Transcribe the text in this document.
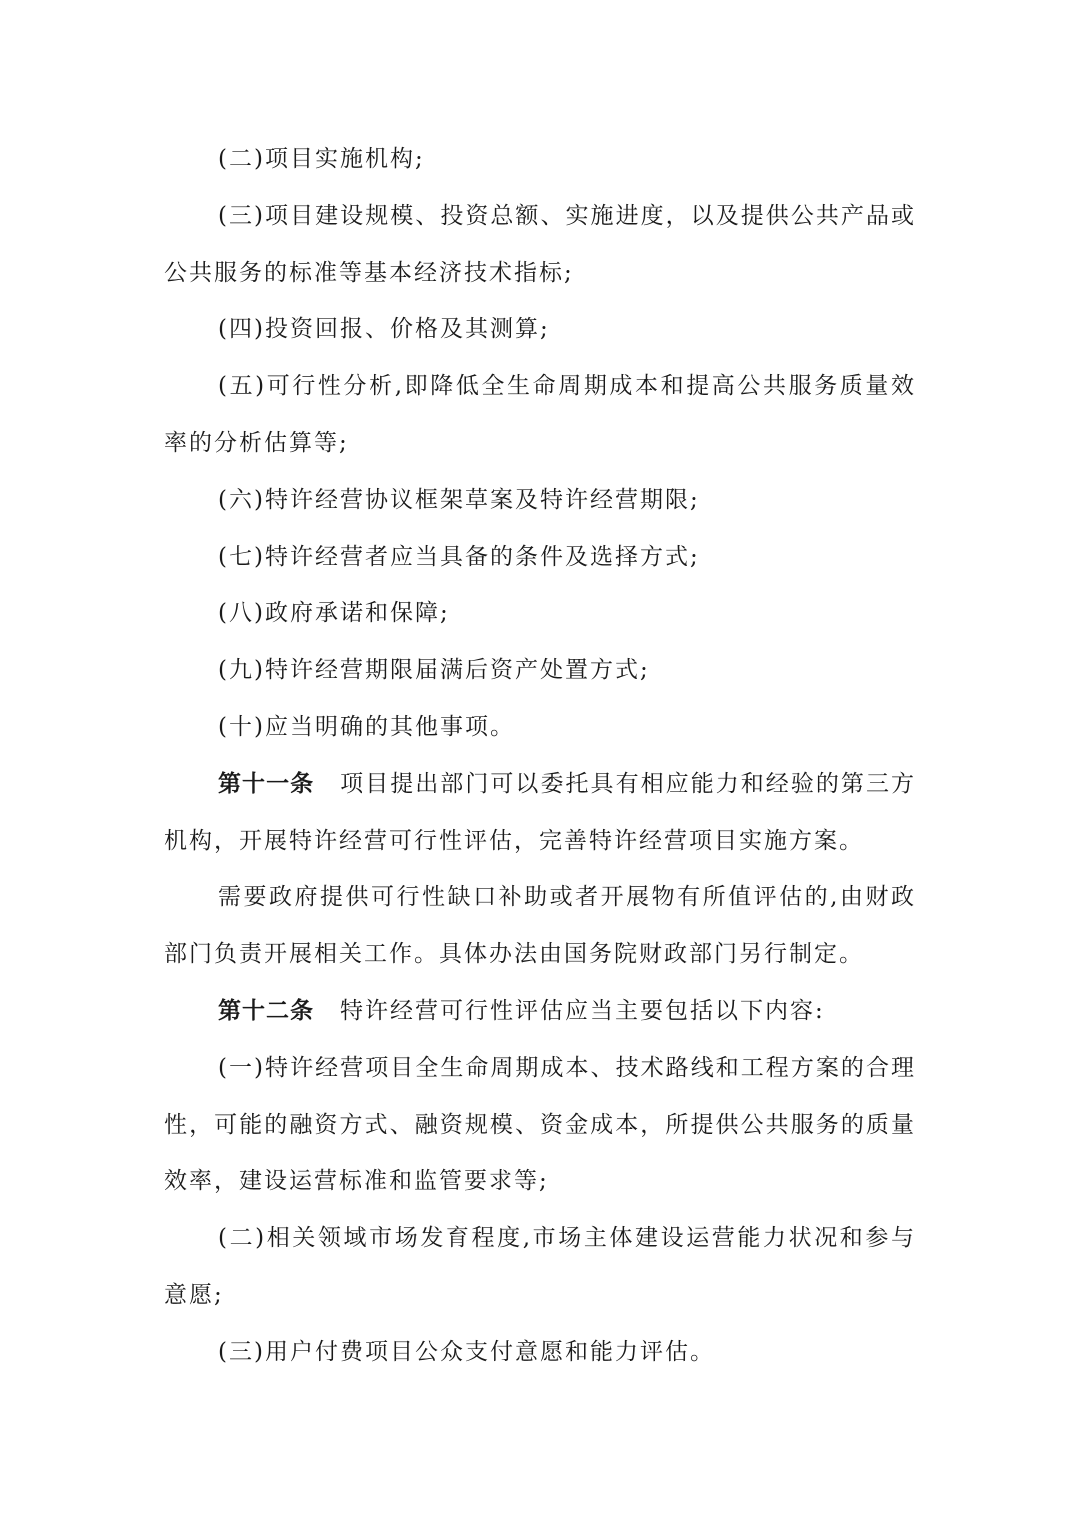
(二)项目实施机构;

(三)项目建设规模、投资总额、实施进度，以及提供公共产品或公共服务的标准等基本经济技术指标;

(四)投资回报、价格及其测算;

(五)可行性分析,即降低全生命周期成本和提高公共服务质量效率的分析估算等;

(六)特许经营协议框架草案及特许经营期限;

(七)特许经营者应当具备的条件及选择方式;

(八)政府承诺和保障;

(九)特许经营期限届满后资产处置方式;

(十)应当明确的其他事项。

第十一条 项目提出部门可以委托具有相应能力和经验的第三方机构，开展特许经营可行性评估，完善特许经营项目实施方案。

需要政府提供可行性缺口补助或者开展物有所值评估的,由财政部门负责开展相关工作。具体办法由国务院财政部门另行制定。

第十二条 特许经营可行性评估应当主要包括以下内容:

(一)特许经营项目全生命周期成本、技术路线和工程方案的合理性，可能的融资方式、融资规模、资金成本，所提供公共服务的质量效率，建设运营标准和监管要求等;

(二)相关领域市场发育程度,市场主体建设运营能力状况和参与意愿;

(三)用户付费项目公众支付意愿和能力评估。
